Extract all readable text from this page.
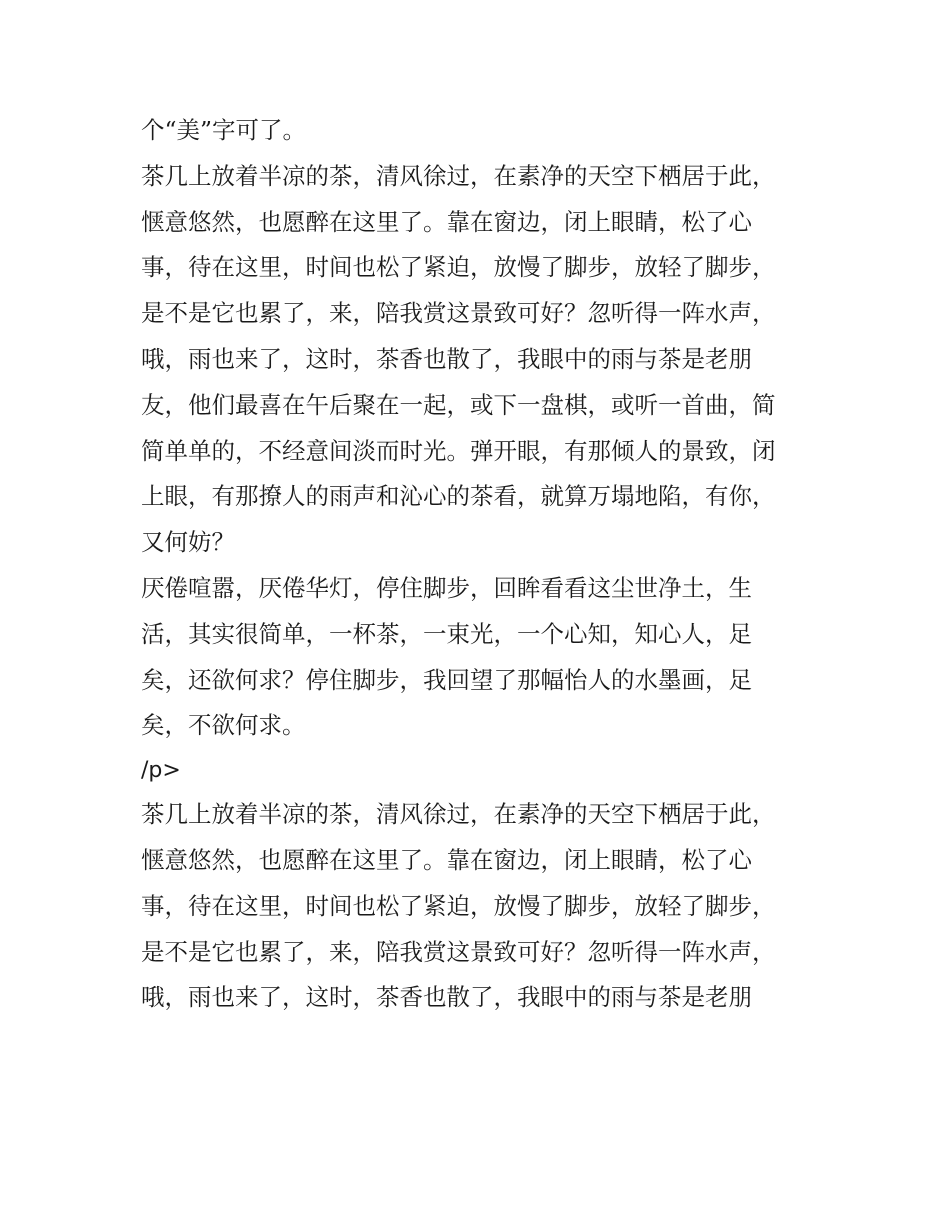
个“美”字可了。
茶几上放着半凉的茶，清风徐过，在素净的天空下栖居于此，
惬意悠然，也愿醉在这里了。靠在窗边，闭上眼睛，松了心
事，待在这里，时间也松了紧迫，放慢了脚步，放轻了脚步，
是不是它也累了，来，陪我赏这景致可好？忽听得一阵水声，
哦，雨也来了，这时，茶香也散了，我眼中的雨与茶是老朋
友，他们最喜在午后聚在一起，或下一盘棋，或听一首曲，简
简单单的，不经意间淡而时光。弹开眼，有那倾人的景致，闭
上眼，有那撩人的雨声和沁心的茶看，就算万塌地陷，有你，
又何妨？
厌倦喧嚣，厌倦华灯，停住脚步，回眸看看这尘世净土，生
活，其实很简单，一杯茶，一束光，一个心知，知心人，足
矣，还欲何求？停住脚步，我回望了那幅怡人的水墨画，足
矣，不欲何求。
/p>
茶几上放着半凉的茶，清风徐过，在素净的天空下栖居于此，
惬意悠然，也愿醉在这里了。靠在窗边，闭上眼睛，松了心
事，待在这里，时间也松了紧迫，放慢了脚步，放轻了脚步，
是不是它也累了，来，陪我赏这景致可好？忽听得一阵水声，
哦，雨也来了，这时，茶香也散了，我眼中的雨与茶是老朋
